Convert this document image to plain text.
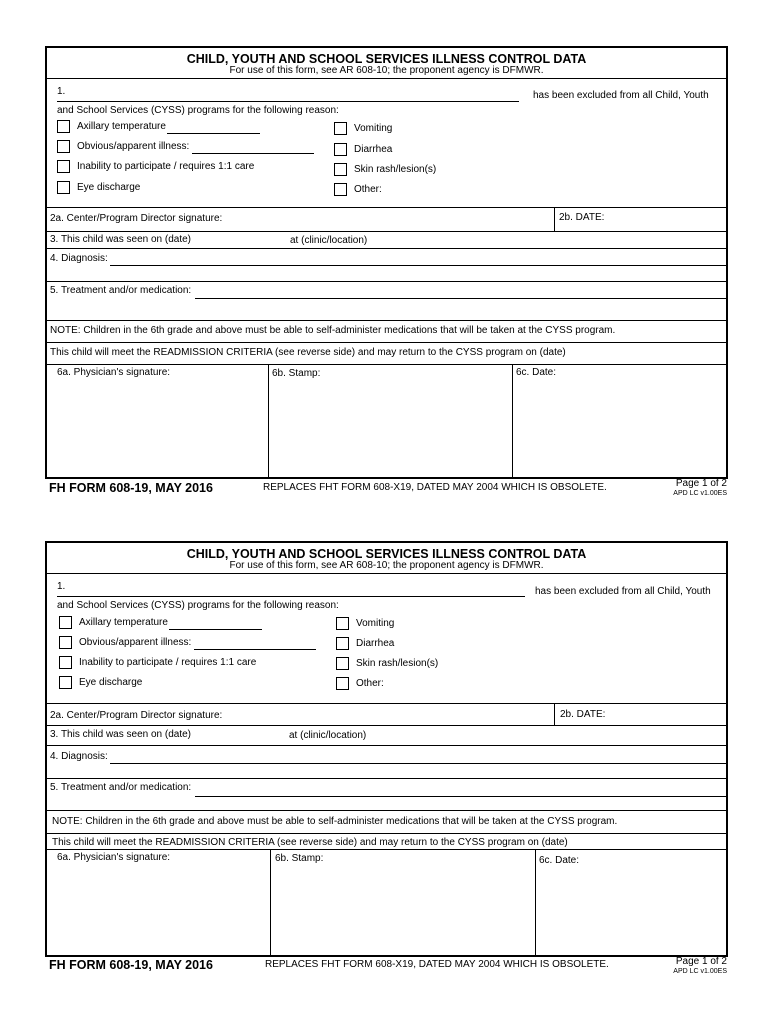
CHILD, YOUTH AND SCHOOL SERVICES ILLNESS CONTROL DATA
For use of this form, see AR 608-10; the proponent agency is DFMWR.
1.	has been excluded from all Child, Youth
and School Services (CYSS) programs for the following reason:
Axillary temperature
Obvious/apparent illness:
Inability to participate / requires 1:1 care
Eye discharge
Vomiting
Diarrhea
Skin rash/lesion(s)
Other:
2a. Center/Program Director signature:	2b. DATE:
3. This child was seen on (date)	at (clinic/location)
4. Diagnosis:
5. Treatment and/or medication:
NOTE: Children in the 6th grade and above must be able to self-administer medications that will be taken at the CYSS program.
This child will meet the READMISSION CRITERIA (see reverse side) and may return to the CYSS program on (date)
6a. Physician's signature:	6b. Stamp:	6c. Date:
FH FORM 608-19, MAY 2016	REPLACES FHT FORM 608-X19, DATED MAY 2004 WHICH IS OBSOLETE.	Page 1 of 2
APD LC v1.00ES
CHILD, YOUTH AND SCHOOL SERVICES ILLNESS CONTROL DATA
For use of this form, see AR 608-10; the proponent agency is DFMWR.
1.	has been excluded from all Child, Youth
and School Services (CYSS) programs for the following reason:
Axillary temperature
Obvious/apparent illness:
Inability to participate / requires 1:1 care
Eye discharge
Vomiting
Diarrhea
Skin rash/lesion(s)
Other:
2a. Center/Program Director signature:	2b. DATE:
3. This child was seen on (date)	at (clinic/location)
4. Diagnosis:
5. Treatment and/or medication:
NOTE: Children in the 6th grade and above must be able to self-administer medications that will be taken at the CYSS program.
This child will meet the READMISSION CRITERIA (see reverse side) and may return to the CYSS program on (date)
6a. Physician's signature:	6b. Stamp:	6c. Date:
FH FORM 608-19, MAY 2016	REPLACES FHT FORM 608-X19, DATED MAY 2004 WHICH IS OBSOLETE.	Page 1 of 2
APD LC v1.00ES
